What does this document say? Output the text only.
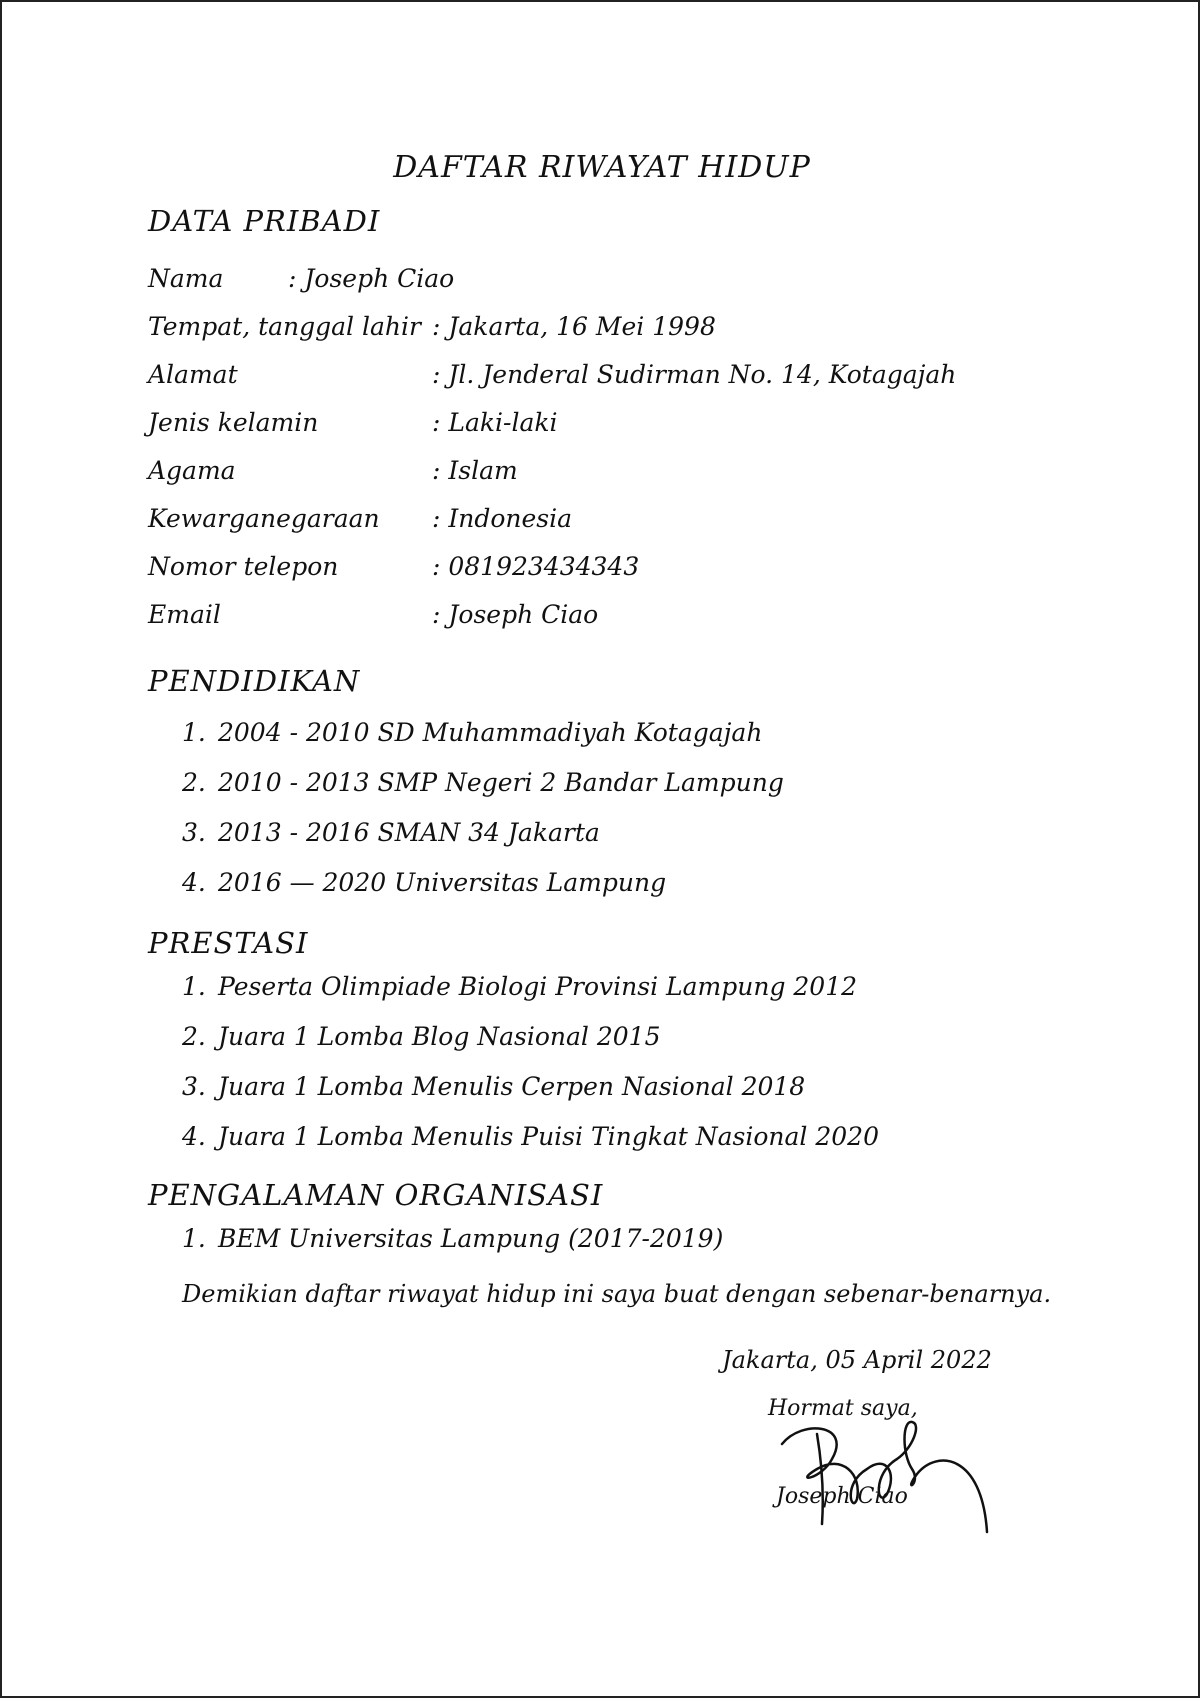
DAFTAR RIWAYAT HIDUP
DATA PRIBADI
Nama	: Joseph Ciao
Tempat, tanggal lahir : Jakarta, 16 Mei 1998
Alamat	: Jl. Jenderal Sudirman No. 14, Kotagajah
Jenis kelamin	: Laki-laki
Agama	: Islam
Kewarganegaraan : Indonesia
Nomor telepon	: 081923434343
Email	: Joseph Ciao
PENDIDIKAN
1. 2004 - 2010 SD Muhammadiyah Kotagajah
2. 2010 - 2013 SMP Negeri 2 Bandar Lampung
3. 2013 - 2016 SMAN 34 Jakarta
4. 2016 — 2020 Universitas Lampung
PRESTASI
1. Peserta Olimpiade Biologi Provinsi Lampung 2012
2. Juara 1 Lomba Blog Nasional 2015
3. Juara 1 Lomba Menulis Cerpen Nasional 2018
4. Juara 1 Lomba Menulis Puisi Tingkat Nasional 2020
PENGALAMAN ORGANISASI
1. BEM Universitas Lampung (2017-2019)
Demikian daftar riwayat hidup ini saya buat dengan sebenar-benarnya.
Jakarta, 05 April 2022
Hormat saya,
Joseph Ciao
